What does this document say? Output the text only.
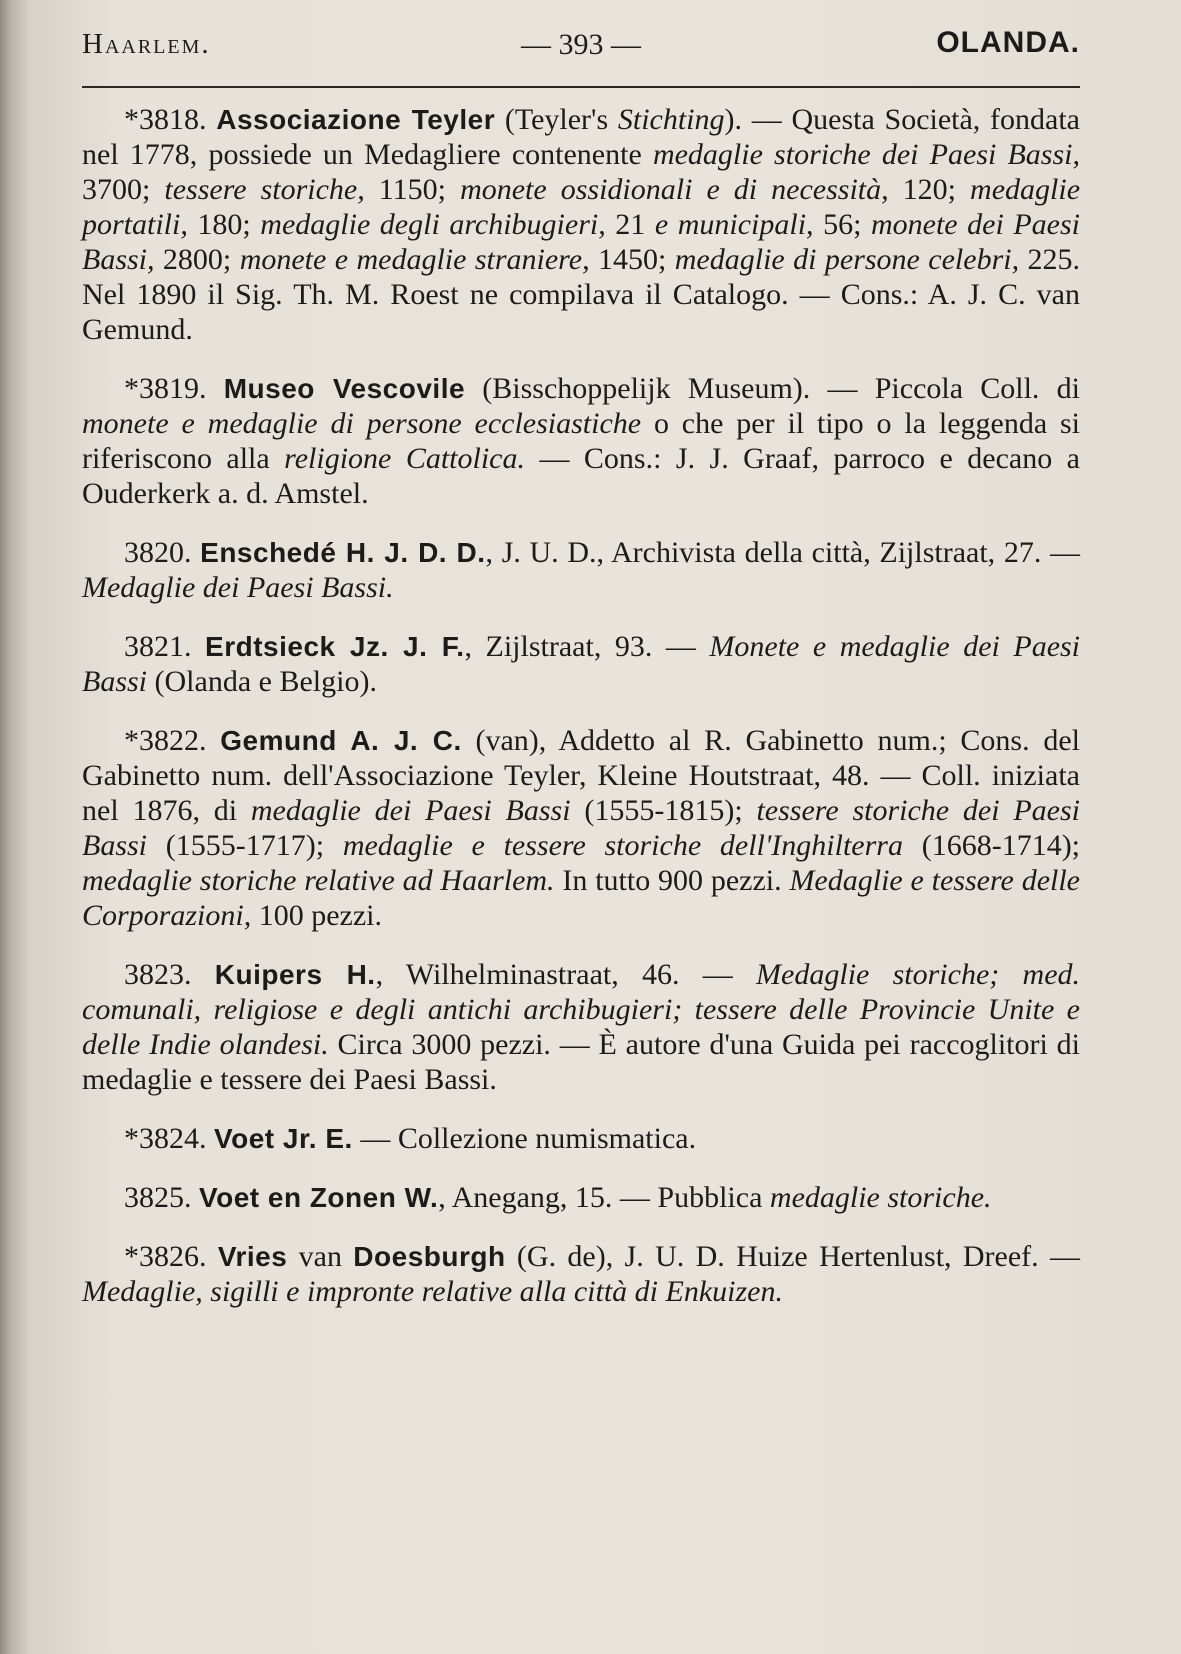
Haarlem.	— 393 —	OLANDA.
*3818. Associazione Teyler (Teyler's Stichting). — Questa Società, fondata nel 1778, possiede un Medagliere contenente medaglie storiche dei Paesi Bassi, 3700; tessere storiche, 1150; monete ossidionali e di necessità, 120; medaglie portatili, 180; medaglie degli archibugieri, 21 e municipali, 56; monete dei Paesi Bassi, 2800; monete e medaglie straniere, 1450; medaglie di persone celebri, 225. Nel 1890 il Sig. Th. M. Roest ne compilava il Catalogo. — Cons.: A. J. C. van Gemund.
*3819. Museo Vescovile (Bisschoppelijk Museum). — Piccola Coll. di monete e medaglie di persone ecclesiastiche o che per il tipo o la leggenda si riferiscono alla religione Cattolica. — Cons.: J. J. Graaf, parroco e decano a Ouderkerk a. d. Amstel.
3820. Enschedé H. J. D. D., J. U. D., Archivista della città, Zijlstraat, 27. — Medaglie dei Paesi Bassi.
3821. Erdtsieck Jz. J. F., Zijlstraat, 93. — Monete e medaglie dei Paesi Bassi (Olanda e Belgio).
*3822. Gemund A. J. C. (van), Addetto al R. Gabinetto num.; Cons. del Gabinetto num. dell'Associazione Teyler, Kleine Houtstraat, 48. — Coll. iniziata nel 1876, di medaglie dei Paesi Bassi (1555-1815); tessere storiche dei Paesi Bassi (1555-1717); medaglie e tessere storiche dell'Inghilterra (1668-1714); medaglie storiche relative ad Haarlem. In tutto 900 pezzi. Medaglie e tessere delle Corporazioni, 100 pezzi.
3823. Kuipers H., Wilhelminastraat, 46. — Medaglie storiche; med. comunali, religiose e degli antichi archibugieri; tessere delle Provincie Unite e delle Indie olandesi. Circa 3000 pezzi. — È autore d'una Guida pei raccoglitori di medaglie e tessere dei Paesi Bassi.
*3824. Voet Jr. E. — Collezione numismatica.
3825. Voet en Zonen W., Anegang, 15. — Pubblica medaglie storiche.
*3826. Vries van Doesburgh (G. de), J. U. D. Huize Hertenlust, Dreef. — Medaglie, sigilli e impronte relative alla città di Enkuizen.
